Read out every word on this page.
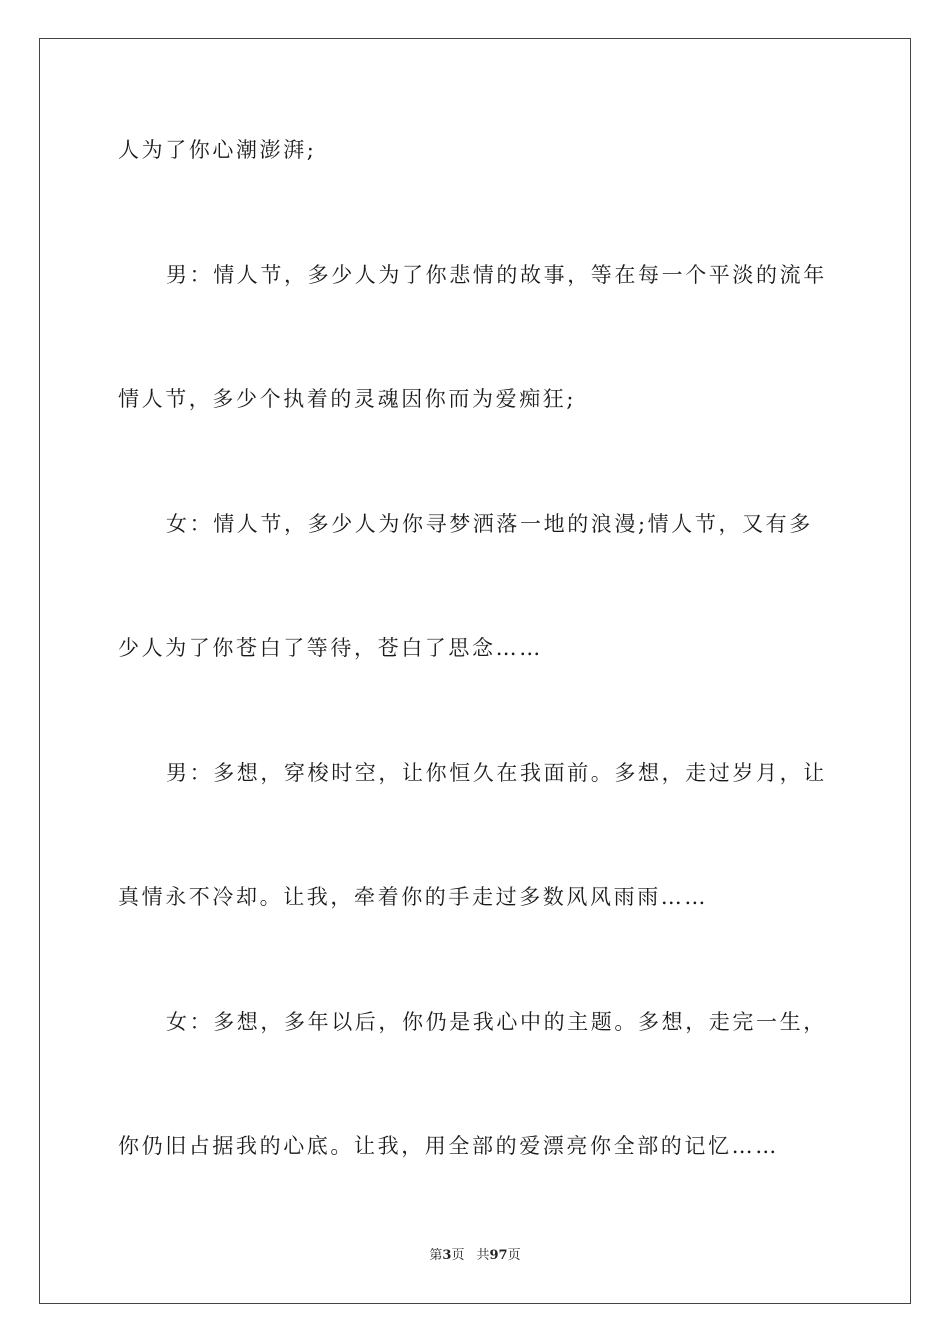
人为了你心潮澎湃;
男：情人节，多少人为了你悲情的故事，等在每一个平淡的流年
情人节，多少个执着的灵魂因你而为爱痴狂;
女：情人节，多少人为你寻梦洒落一地的浪漫;情人节，又有多
少人为了你苍白了等待，苍白了思念……
男：多想，穿梭时空，让你恒久在我面前。多想，走过岁月，让
真情永不冷却。让我，牵着你的手走过多数风风雨雨……
女：多想，多年以后，你仍是我心中的主题。多想，走完一生，
你仍旧占据我的心底。让我，用全部的爱漂亮你全部的记忆……
第3页 共97页
